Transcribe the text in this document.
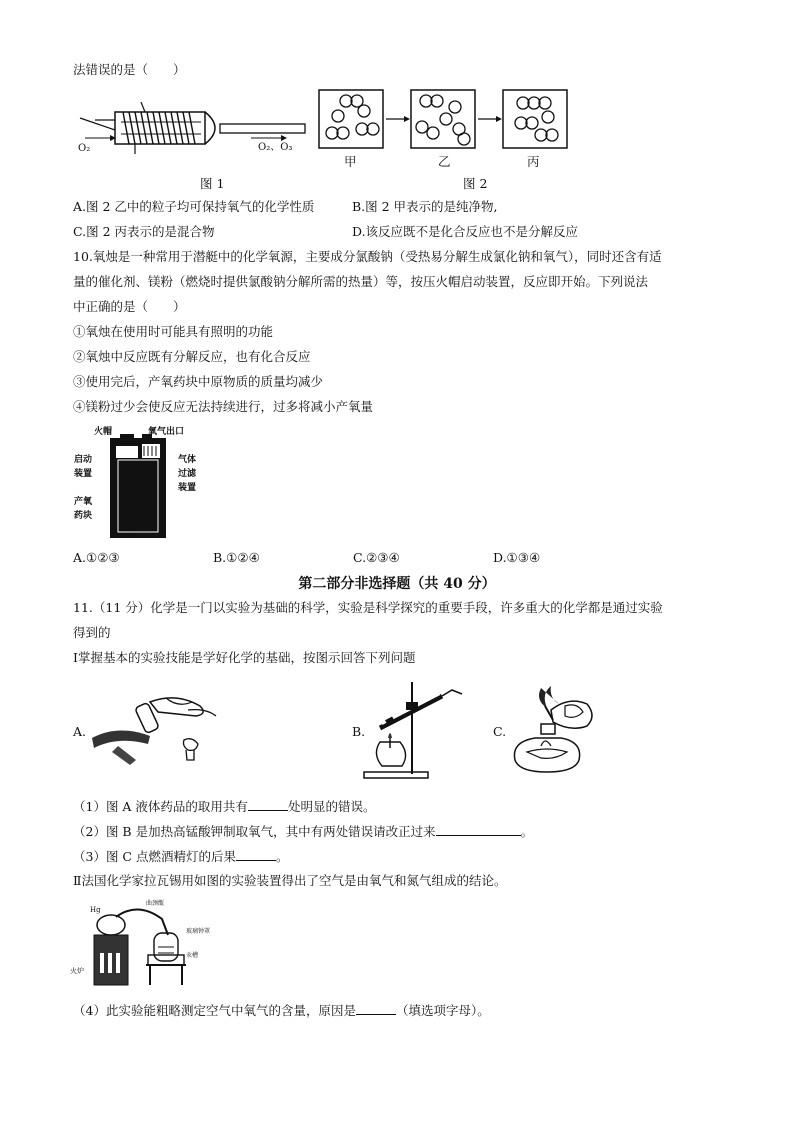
法错误的是（　　）
O₂	O₂、O₃
图 1
甲	乙	丙
图 2
A.图 2 乙中的粒子均可保持氧气的化学性质	B.图 2 甲表示的是纯净物,
C.图 2 丙表示的是混合物	D.该反应既不是化合反应也不是分解反应
10.氧烛是一种常用于潜艇中的化学氧源，主要成分氯酸钠（受热易分解生成氯化钠和氧气），同时还含有适
量的催化剂、镁粉（燃烧时提供氯酸钠分解所需的热量）等，按压火帽启动装置，反应即开始。下列说法
中正确的是（　　）
①氧烛在使用时可能具有照明的功能
②氧烛中反应既有分解反应，也有化合反应
③使用完后，产氧药块中原物质的质量均减少
④镁粉过少会使反应无法持续进行，过多将减小产氧量
火帽	氧气出口
启动
装置
气体
过滤
装置
产氧
药块
A.①②③	B.①②④	C.②③④	D.①③④
第二部分非选择题（共 40 分）
11.（11 分）化学是一门以实验为基础的科学，实验是科学探究的重要手段，许多重大的化学都是通过实验
得到的
Ⅰ掌握基本的实验技能是学好化学的基础，按图示回答下列问题
A.	B.	C.
（1）图 A 液体药品的取用共有	处明显的错误。
（2）图 B 是加热高锰酸钾制取氧气，其中有两处错误请改正过来	。
（3）图 C 点燃酒精灯的后果	。
Ⅱ法国化学家拉瓦锡用如图的实验装置得出了空气是由氧气和氮气组成的结论。
Hg
曲颈甑
玻璃钟罩
汞槽
火炉
（4）此实验能粗略测定空气中氧气的含量，原因是	（填选项字母）。
